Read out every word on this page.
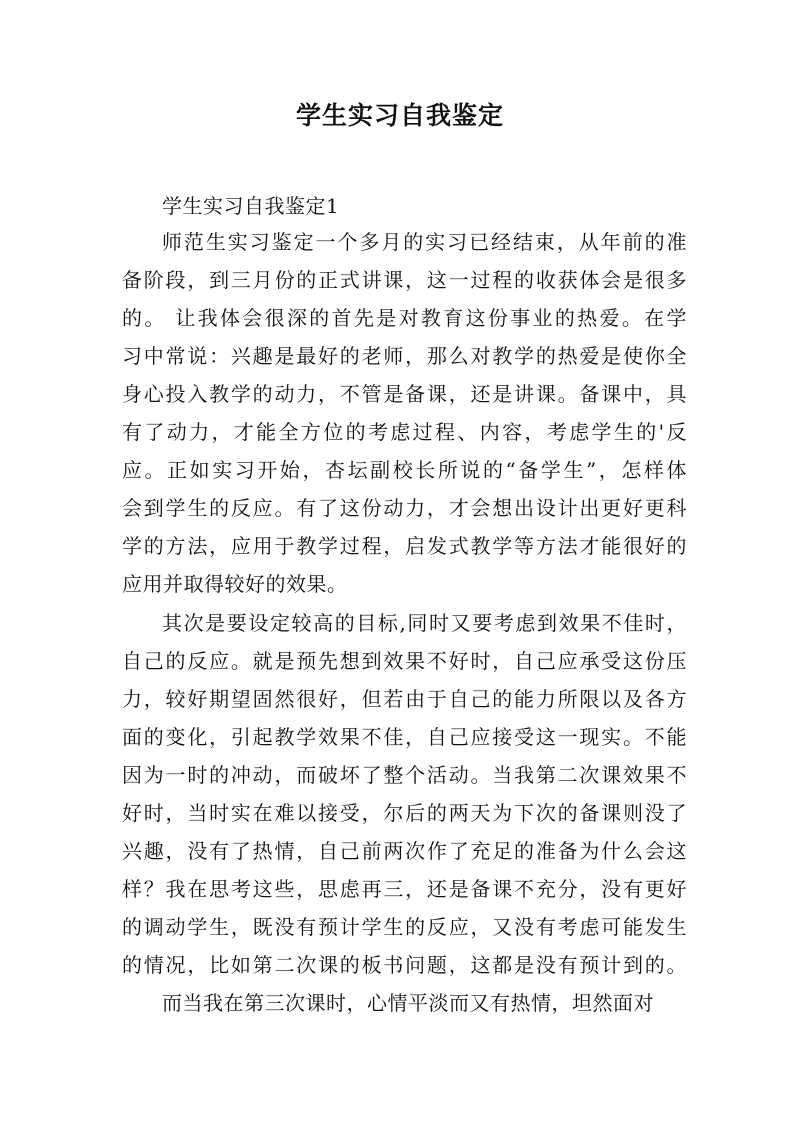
学生实习自我鉴定
学生实习自我鉴定1
师范生实习鉴定一个多月的实习已经结束，从年前的准
备阶段，到三月份的正式讲课，这一过程的收获体会是很多
的。 让我体会很深的首先是对教育这份事业的热爱。在学
习中常说：兴趣是最好的老师，那么对教学的热爱是使你全
身心投入教学的动力，不管是备课，还是讲课。备课中，具
有了动力，才能全方位的考虑过程、内容，考虑学生的'反
应。正如实习开始，杏坛副校长所说的“备学生”，怎样体
会到学生的反应。有了这份动力，才会想出设计出更好更科
学的方法，应用于教学过程，启发式教学等方法才能很好的
应用并取得较好的效果。
其次是要设定较高的目标,同时又要考虑到效果不佳时，
自己的反应。就是预先想到效果不好时，自己应承受这份压
力，较好期望固然很好，但若由于自己的能力所限以及各方
面的变化，引起教学效果不佳，自己应接受这一现实。不能
因为一时的冲动，而破坏了整个活动。当我第二次课效果不
好时，当时实在难以接受，尔后的两天为下次的备课则没了
兴趣，没有了热情，自己前两次作了充足的准备为什么会这
样？我在思考这些，思虑再三，还是备课不充分，没有更好
的调动学生，既没有预计学生的反应，又没有考虑可能发生
的情况，比如第二次课的板书问题，这都是没有预计到的。
而当我在第三次课时，心情平淡而又有热情，坦然面对
